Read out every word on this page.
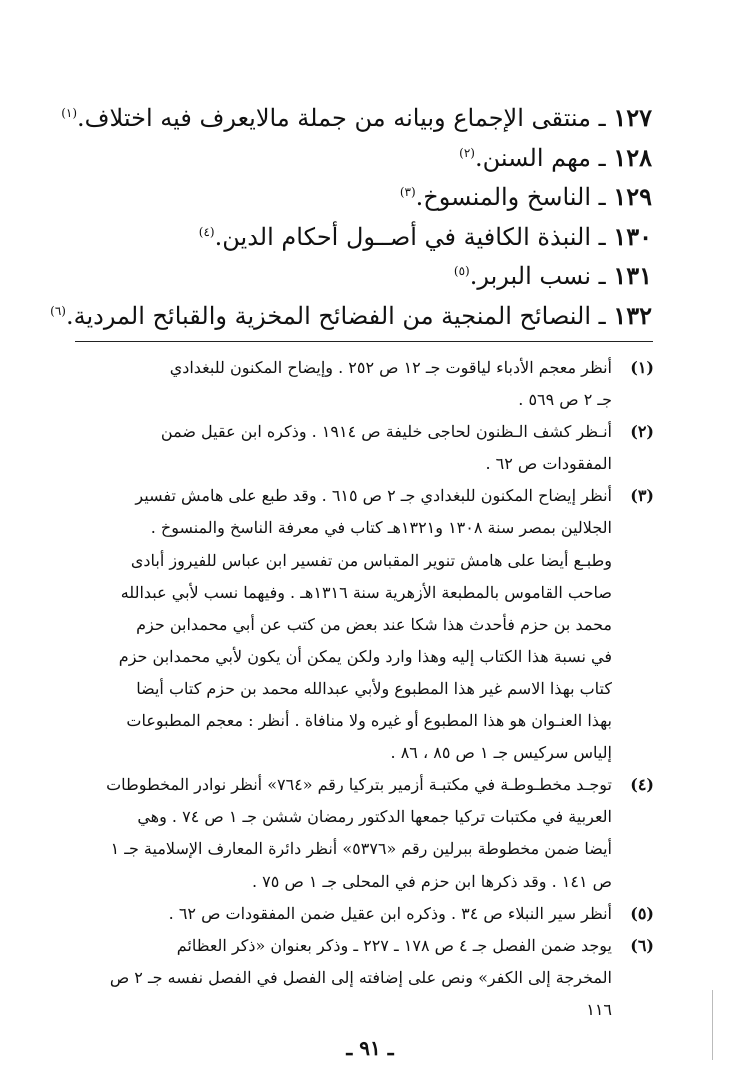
١٢٧ ـ منتقى الإجماع وبيانه من جملة مالايعرف فيه اختلاف.$^{(١)}$
١٢٨ ـ مهم السنن.$^{(٢)}$
١٢٩ ـ الناسخ والمنسوخ.$^{(٣)}$
١٣٠ ـ النبذة الكافية في أصــول أحكام الدين.$^{(٤)}$
١٣١ ـ نسب البربر.$^{(٥)}$
١٣٢ ـ النصائح المنجية من الفضائح المخزية والقبائح المردية.$^{(٦)}$
(١)
أنظر معجم الأدباء لياقوت جـ ١٢ ص ٢٥٢ . وإيضاح المكنون للبغدادي
جـ ٢ ص ٥٦٩ .
(٢)
أنـظر كشف الـظنون لحاجى خليفة ص ١٩١٤ . وذكره ابن عقيل ضمن
المفقودات ص ٦٢ .
(٣)
أنظر إيضاح المكنون للبغدادي جـ ٢ ص ٦١٥ . وقد طبع على هامش تفسير
الجلالين بمصر سنة ١٣٠٨ و١٣٢١هـ كتاب في معرفة الناسخ والمنسوخ .
وطبـع أيضا على هامش تنوير المقباس من تفسير ابن عباس للفيروز أبادى
صاحب القاموس بالمطبعة الأزهرية سنة ١٣١٦هـ . وفيهما نسب لأبي عبدالله
محمد بن حزم فأحدث هذا شكا عند بعض من كتب عن أبي محمدابن حزم
في نسبة هذا الكتاب إليه وهذا وارد ولكن يمكن أن يكون لأبي محمدابن حزم
كتاب بهذا الاسم غير هذا المطبوع ولأبي عبدالله محمد بن حزم كتاب أيضا
بهذا العنـوان هو هذا المطبوع أو غيره ولا منافاة . أنظر : معجم المطبوعات
إلياس سركيس جـ ١ ص ٨٥ ، ٨٦ .
(٤)
توجـد مخطـوطـة في مكتبـة أزمير بتركيا رقم «٧٦٤» أنظر نوادر المخطوطات
العربية في مكتبات تركيا جمعها الدكتور رمضان ششن جـ ١ ص ٧٤ . وهي
أيضا ضمن مخطوطة ببرلين رقم «٥٣٧٦» أنظر دائرة المعارف الإسلامية جـ ١
ص ١٤١ . وقد ذكرها ابن حزم في المحلى جـ ١ ص ٧٥ .
(٥)
أنظر سير النبلاء ص ٣٤ . وذكره ابن عقيل ضمن المفقودات ص ٦٢ .
(٦)
يوجد ضمن الفصل جـ ٤ ص ١٧٨ ـ ٢٢٧ ـ وذكر بعنوان «ذكر العظائم
المخرجة إلى الكفر» ونص على إضافته إلى الفصل في الفصل نفسه جـ ٢ ص
١١٦
ـ ٩١ ـ
